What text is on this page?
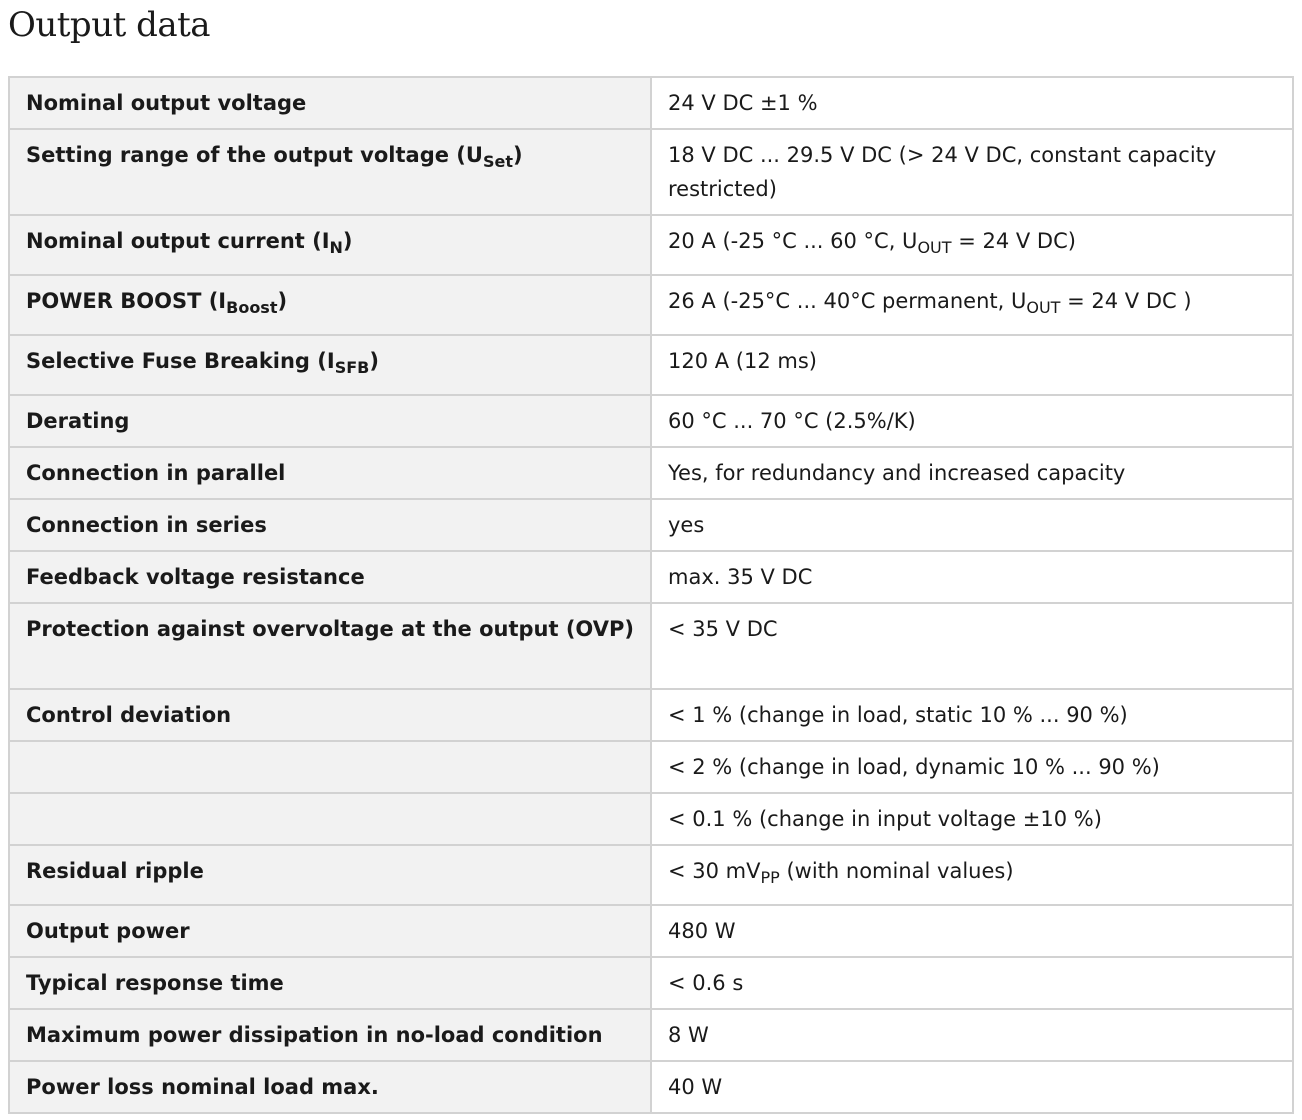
Output data
Nominal output voltage	24 V DC ±1 %
Setting range of the output voltage $(U_{Set})$	18 V DC ... 29.5 V DC (> 24 V DC, constant capacity restricted)
Nominal output current $(I_N)$	20 A (-25 °C ... 60 °C, $U_{OUT} = 24$ V DC)
POWER BOOST $(I_{Boost})$	26 A (-25°C ... 40°C permanent, $U_{OUT} = 24$ V DC )
Selective Fuse Breaking $(I_{SFB})$	120 A (12 ms)
Derating	60 °C ... 70 °C (2.5%/K)
Connection in parallel	Yes, for redundancy and increased capacity
Connection in series	yes
Feedback voltage resistance	max. 35 V DC
Protection against overvoltage at the output (OVP)	< 35 V DC
Control deviation	< 1 % (change in load, static 10 % ... 90 %)
	< 2 % (change in load, dynamic 10 % ... 90 %)
	< 0.1 % (change in input voltage ±10 %)
Residual ripple	< 30 $mV_{PP}$ (with nominal values)
Output power	480 W
Typical response time	< 0.6 s
Maximum power dissipation in no-load condition	8 W
Power loss nominal load max.	40 W
